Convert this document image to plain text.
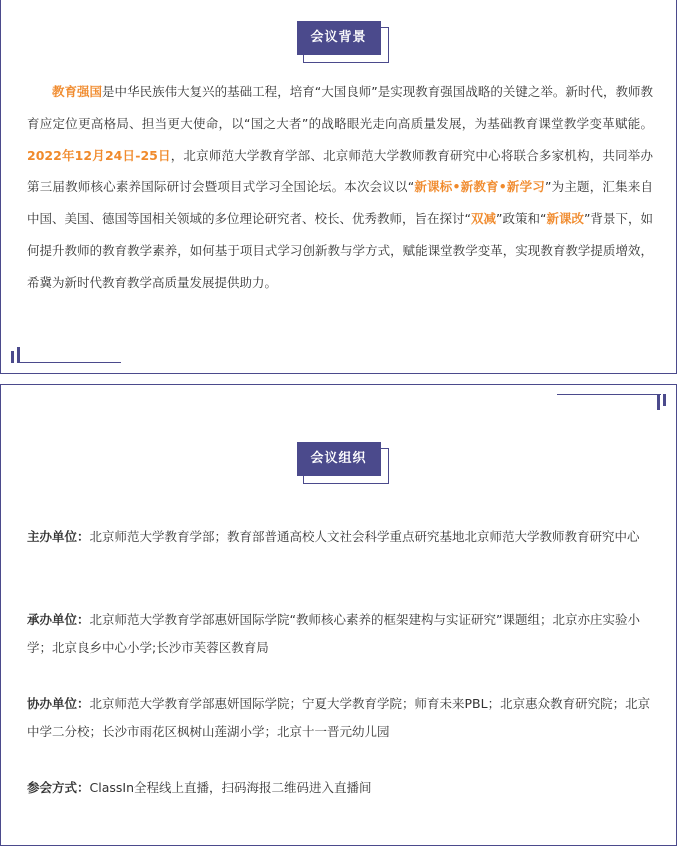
会议背景

教育强国是中华民族伟大复兴的基础工程，培育“大国良师”是实现教育强国战略的关键之举。新时代，教师教育应定位更高格局、担当更大使命，以“国之大者”的战略眼光走向高质量发展，为基础教育课堂教学变革赋能。2022年12月24日-25日，北京师范大学教育学部、北京师范大学教师教育研究中心将联合多家机构，共同举办第三届教师核心素养国际研讨会暨项目式学习全国论坛。本次会议以“新课标•新教育•新学习”为主题，汇集来自中国、美国、德国等国相关领域的多位理论研究者、校长、优秀教师，旨在探讨“双减”政策和“新课改”背景下，如何提升教师的教育教学素养，如何基于项目式学习创新教与学方式，赋能课堂教学变革，实现教育教学提质增效，希冀为新时代教育教学高质量发展提供助力。

会议组织

主办单位：北京师范大学教育学部；教育部普通高校人文社会科学重点研究基地北京师范大学教师教育研究中心

承办单位：北京师范大学教育学部惠妍国际学院“教师核心素养的框架建构与实证研究”课题组；北京亦庄实验小学；北京良乡中心小学;长沙市芙蓉区教育局

协办单位：北京师范大学教育学部惠妍国际学院；宁夏大学教育学院；师育未来PBL；北京惠众教育研究院；北京中学二分校；长沙市雨花区枫树山莲湖小学；北京十一晋元幼儿园

参会方式：ClassIn全程线上直播，扫码海报二维码进入直播间
